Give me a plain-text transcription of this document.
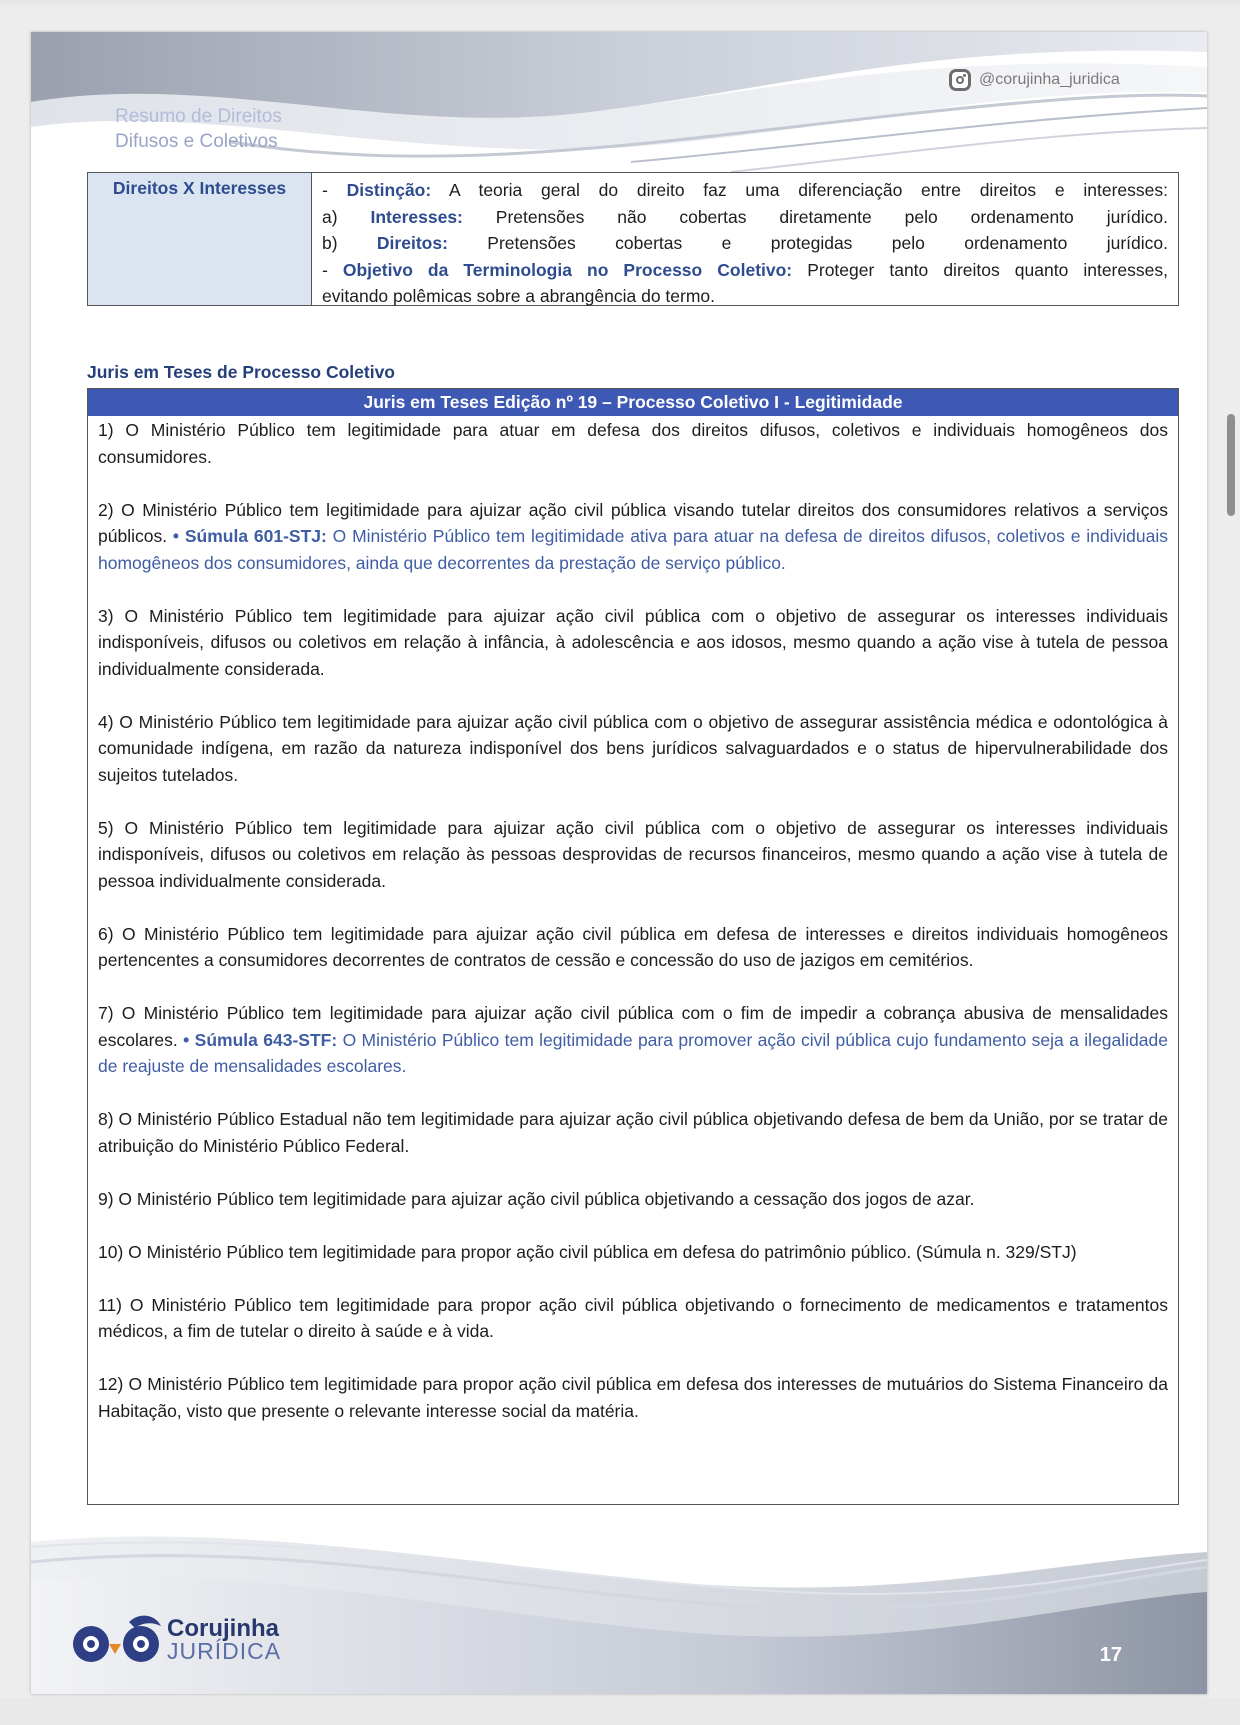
Resumo de Direitos
Difusos e Coletivos
@corujinha_juridica
Direitos X Interesses	- Distinção: A teoria geral do direito faz uma diferenciação entre direitos e interesses:
a) Interesses: Pretensões não cobertas diretamente pelo ordenamento jurídico.
b) Direitos: Pretensões cobertas e protegidas pelo ordenamento jurídico.
- Objetivo da Terminologia no Processo Coletivo: Proteger tanto direitos quanto interesses,
evitando polêmicas sobre a abrangência do termo.
Juris em Teses de Processo Coletivo
Juris em Teses Edição nº 19 – Processo Coletivo I - Legitimidade

1) O Ministério Público tem legitimidade para atuar em defesa dos direitos difusos, coletivos e individuais homogêneos dos consumidores.

2) O Ministério Público tem legitimidade para ajuizar ação civil pública visando tutelar direitos dos consumidores relativos a serviços públicos. • Súmula 601-STJ: O Ministério Público tem legitimidade ativa para atuar na defesa de direitos difusos, coletivos e individuais homogêneos dos consumidores, ainda que decorrentes da prestação de serviço público.

3) O Ministério Público tem legitimidade para ajuizar ação civil pública com o objetivo de assegurar os interesses individuais indisponíveis, difusos ou coletivos em relação à infância, à adolescência e aos idosos, mesmo quando a ação vise à tutela de pessoa individualmente considerada.

4) O Ministério Público tem legitimidade para ajuizar ação civil pública com o objetivo de assegurar assistência médica e odontológica à comunidade indígena, em razão da natureza indisponível dos bens jurídicos salvaguardados e o status de hipervulnerabilidade dos sujeitos tutelados.

5) O Ministério Público tem legitimidade para ajuizar ação civil pública com o objetivo de assegurar os interesses individuais indisponíveis, difusos ou coletivos em relação às pessoas desprovidas de recursos financeiros, mesmo quando a ação vise à tutela de pessoa individualmente considerada.

6) O Ministério Público tem legitimidade para ajuizar ação civil pública em defesa de interesses e direitos individuais homogêneos pertencentes a consumidores decorrentes de contratos de cessão e concessão do uso de jazigos em cemitérios.

7) O Ministério Público tem legitimidade para ajuizar ação civil pública com o fim de impedir a cobrança abusiva de mensalidades escolares. • Súmula 643-STF: O Ministério Público tem legitimidade para promover ação civil pública cujo fundamento seja a ilegalidade de reajuste de mensalidades escolares.

8) O Ministério Público Estadual não tem legitimidade para ajuizar ação civil pública objetivando defesa de bem da União, por se tratar de atribuição do Ministério Público Federal.

9) O Ministério Público tem legitimidade para ajuizar ação civil pública objetivando a cessação dos jogos de azar.

10) O Ministério Público tem legitimidade para propor ação civil pública em defesa do patrimônio público. (Súmula n. 329/STJ)

11) O Ministério Público tem legitimidade para propor ação civil pública objetivando o fornecimento de medicamentos e tratamentos médicos, a fim de tutelar o direito à saúde e à vida.

12) O Ministério Público tem legitimidade para propor ação civil pública em defesa dos interesses de mutuários do Sistema Financeiro da Habitação, visto que presente o relevante interesse social da matéria.

Corujinha
JURÍDICA	17
